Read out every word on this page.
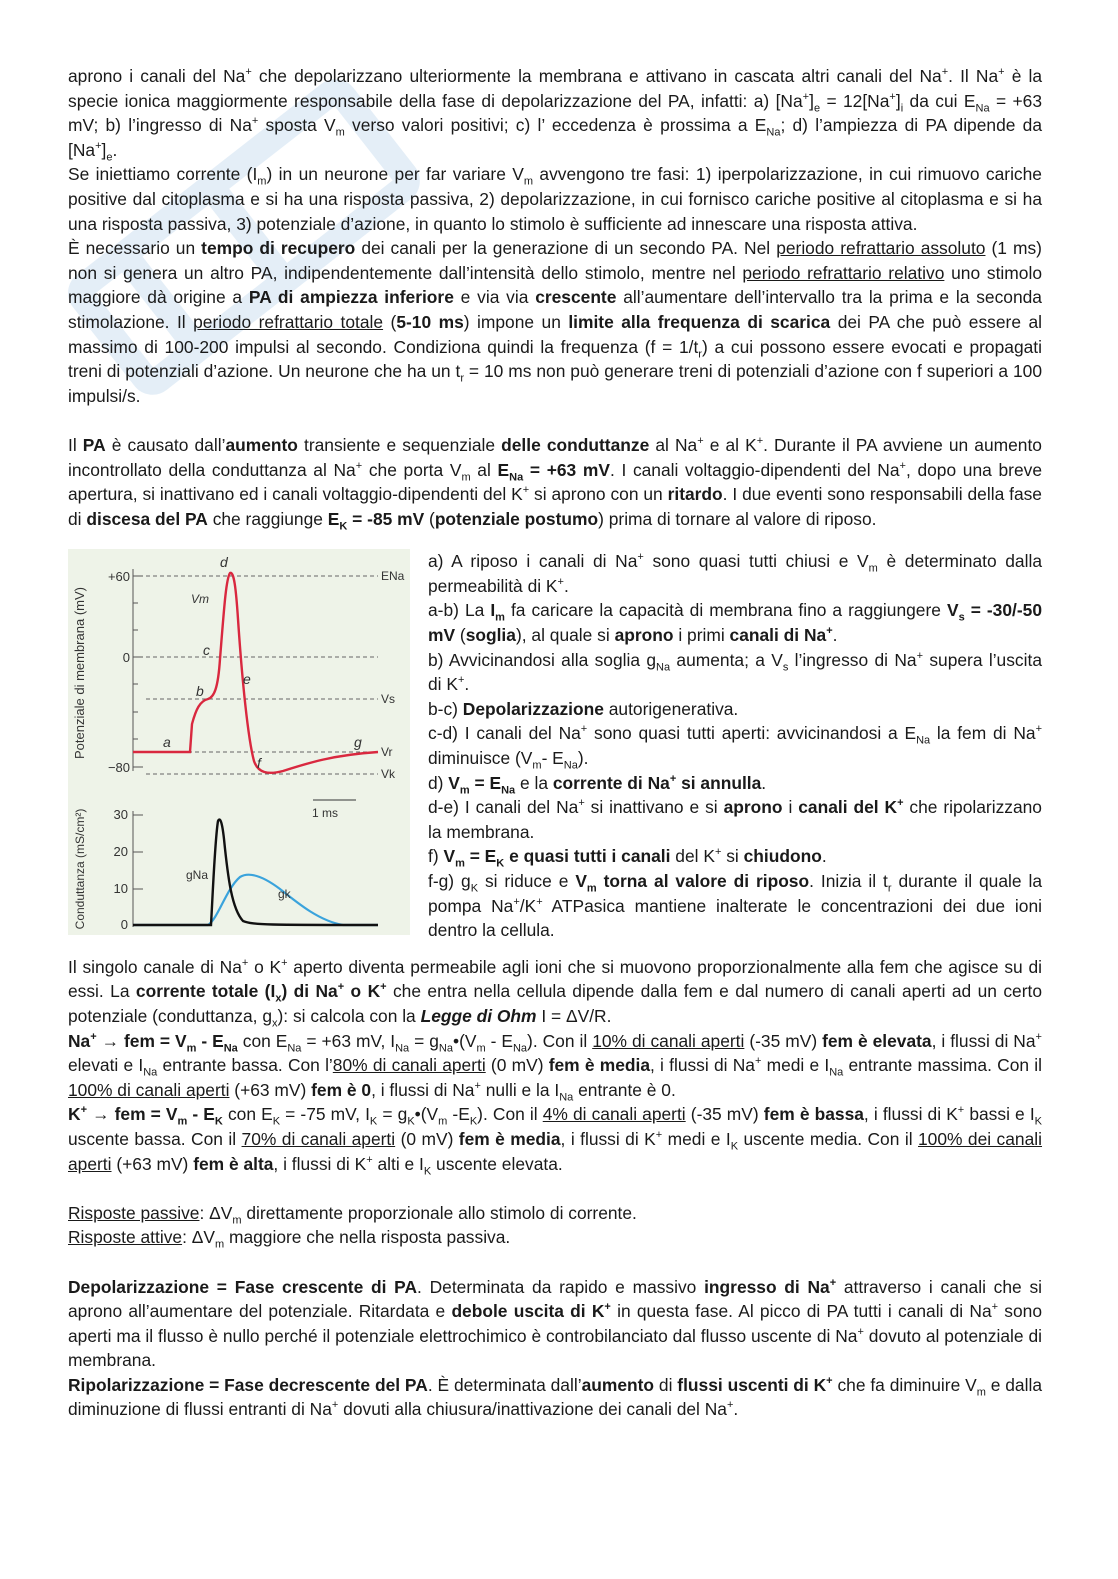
aprono i canali del Na+ che depolarizzano ulteriormente la membrana e attivano in cascata altri canali del Na+. Il Na+ è la specie ionica maggiormente responsabile della fase di depolarizzazione del PA, infatti: a) $[Na^+]_e = 12[Na^+]_i$ da cui $E_{Na} = +63$ mV; b) l’ingresso di Na+ sposta $V_m$ verso valori positivi; c) l’ eccedenza è prossima a $E_{Na}$; d) l’ampiezza di PA dipende da $[Na^+]_e$.

Se iniettiamo corrente $(I_m)$ in un neurone per far variare $V_m$ avvengono tre fasi: 1) iperpolarizzazione, in cui rimuovo cariche positive dal citoplasma e si ha una risposta passiva, 2) depolarizzazione, in cui fornisco cariche positive al citoplasma e si ha una risposta passiva, 3) potenziale d’azione, in quanto lo stimolo è sufficiente ad innescare una risposta attiva.

È necessario un tempo di recupero dei canali per la generazione di un secondo PA. Nel periodo refrattario assoluto (1 ms) non si genera un altro PA, indipendentemente dall’intensità dello stimolo, mentre nel periodo refrattario relativo uno stimolo maggiore dà origine a PA di ampiezza inferiore e via via crescente all’aumentare dell’intervallo tra la prima e la seconda stimolazione. Il periodo refrattario totale (5-10 ms) impone un limite alla frequenza di scarica dei PA che può essere al massimo di 100-200 impulsi al secondo. Condiziona quindi la frequenza $(f = 1/t_r)$ a cui possono essere evocati e propagati treni di potenziali d’azione. Un neurone che ha un $t_r = 10$ ms non può generare treni di potenziali d’azione con f superiori a 100 impulsi/s.

Il PA è causato dall’aumento transiente e sequenziale delle conduttanze al Na+ e al K+. Durante il PA avviene un aumento incontrollato della conduttanza al Na+ che porta $V_m$ al $E_{Na} = +63$ mV. I canali voltaggio-dipendenti del Na+, dopo una breve apertura, si inattivano ed i canali voltaggio-dipendenti del K+ si aprono con un ritardo. I due eventi sono responsabili della fase di discesa del PA che raggiunge $E_K = -85$ mV (potenziale postumo) prima di tornare al valore di riposo.

+60
0
−80
Potenziale di membrana (mV)
ENa
Vs
Vr
Vk
d
Vm
c
b
a
e
f
g
1 ms
30
20
10
0
Conduttanza (mS/cm²)	gNa
gk

a) A riposo i canali di Na+ sono quasi tutti chiusi e $V_m$ è determinato dalla permeabilità di K+.

a-b) La $I_m$ fa caricare la capacità di membrana fino a raggiungere $V_s = -30/-50$ mV (soglia), al quale si aprono i primi canali di Na+.

b) Avvicinandosi alla soglia $g_{Na}$ aumenta; a $V_s$ l’ingresso di Na+ supera l’uscita di K+.

b-c) Depolarizzazione autorigenerativa.

c-d) I canali del Na+ sono quasi tutti aperti: avvicinandosi a $E_{Na}$ la fem di Na+ diminuisce ($V_m-$ $E_{Na}$).

d) $V_m = E_{Na}$ e la corrente di Na+ si annulla.

d-e) I canali del Na+ si inattivano e si aprono i canali del K+ che ripolarizzano la membrana.

f) $V_m = E_K$ e quasi tutti i canali del K+ si chiudono.

f-g) $g_K$ si riduce e $V_m$ torna al valore di riposo. Inizia il $t_r$ durante il quale la pompa Na+/K+ ATPasica mantiene inalterate le concentrazioni dei due ioni dentro la cellula.

Il singolo canale di Na+ o K+ aperto diventa permeabile agli ioni che si muovono proporzionalmente alla fem che agisce su di essi. La corrente totale $(I_x)$ di Na+ o K+ che entra nella cellula dipende dalla fem e dal numero di canali aperti ad un certo potenziale (conduttanza, $g_x$): si calcola con la Legge di Ohm I = ΔV/R.

Na+ → fem = $V_m - E_{Na}$ con $E_{Na} = +63$ mV, $I_{Na}$ = $g_{Na}•(V_m - E_{Na})$. Con il 10% di canali aperti (-35 mV) fem è elevata, i flussi di Na+ elevati e $I_{Na}$ entrante bassa. Con l’80% di canali aperti (0 mV) fem è media, i flussi di Na+ medi e $I_{Na}$ entrante massima. Con il 100% di canali aperti (+63 mV) fem è 0, i flussi di Na+ nulli e la $I_{Na}$ entrante è 0.

K+ → fem = $V_m - E_K$ con $E_K = -75$ mV, $I_K$ = $g_K•(V_m$ $-E_K$). Con il 4% di canali aperti (-35 mV) fem è bassa, i flussi di K+ bassi e $I_K$ uscente bassa. Con il 70% di canali aperti (0 mV) fem è media, i flussi di K+ medi e $I_K$ uscente media. Con il 100% dei canali aperti (+63 mV) fem è alta, i flussi di K+ alti e $I_K$ uscente elevata.

Risposte passive: $\Delta V_m$ direttamente proporzionale allo stimolo di corrente.

Risposte attive: $\Delta V_m$ maggiore che nella risposta passiva.

Depolarizzazione = Fase crescente di PA. Determinata da rapido e massivo ingresso di Na+ attraverso i canali che si aprono all’aumentare del potenziale. Ritardata e debole uscita di K+ in questa fase. Al picco di PA tutti i canali di Na+ sono aperti ma il flusso è nullo perché il potenziale elettrochimico è controbilanciato dal flusso uscente di Na+ dovuto al potenziale di membrana.

Ripolarizzazione = Fase decrescente del PA. È determinata dall’aumento di flussi uscenti di K+ che fa diminuire $V_m$ e dalla diminuzione di flussi entranti di Na+ dovuti alla chiusura/inattivazione dei canali del Na+.
